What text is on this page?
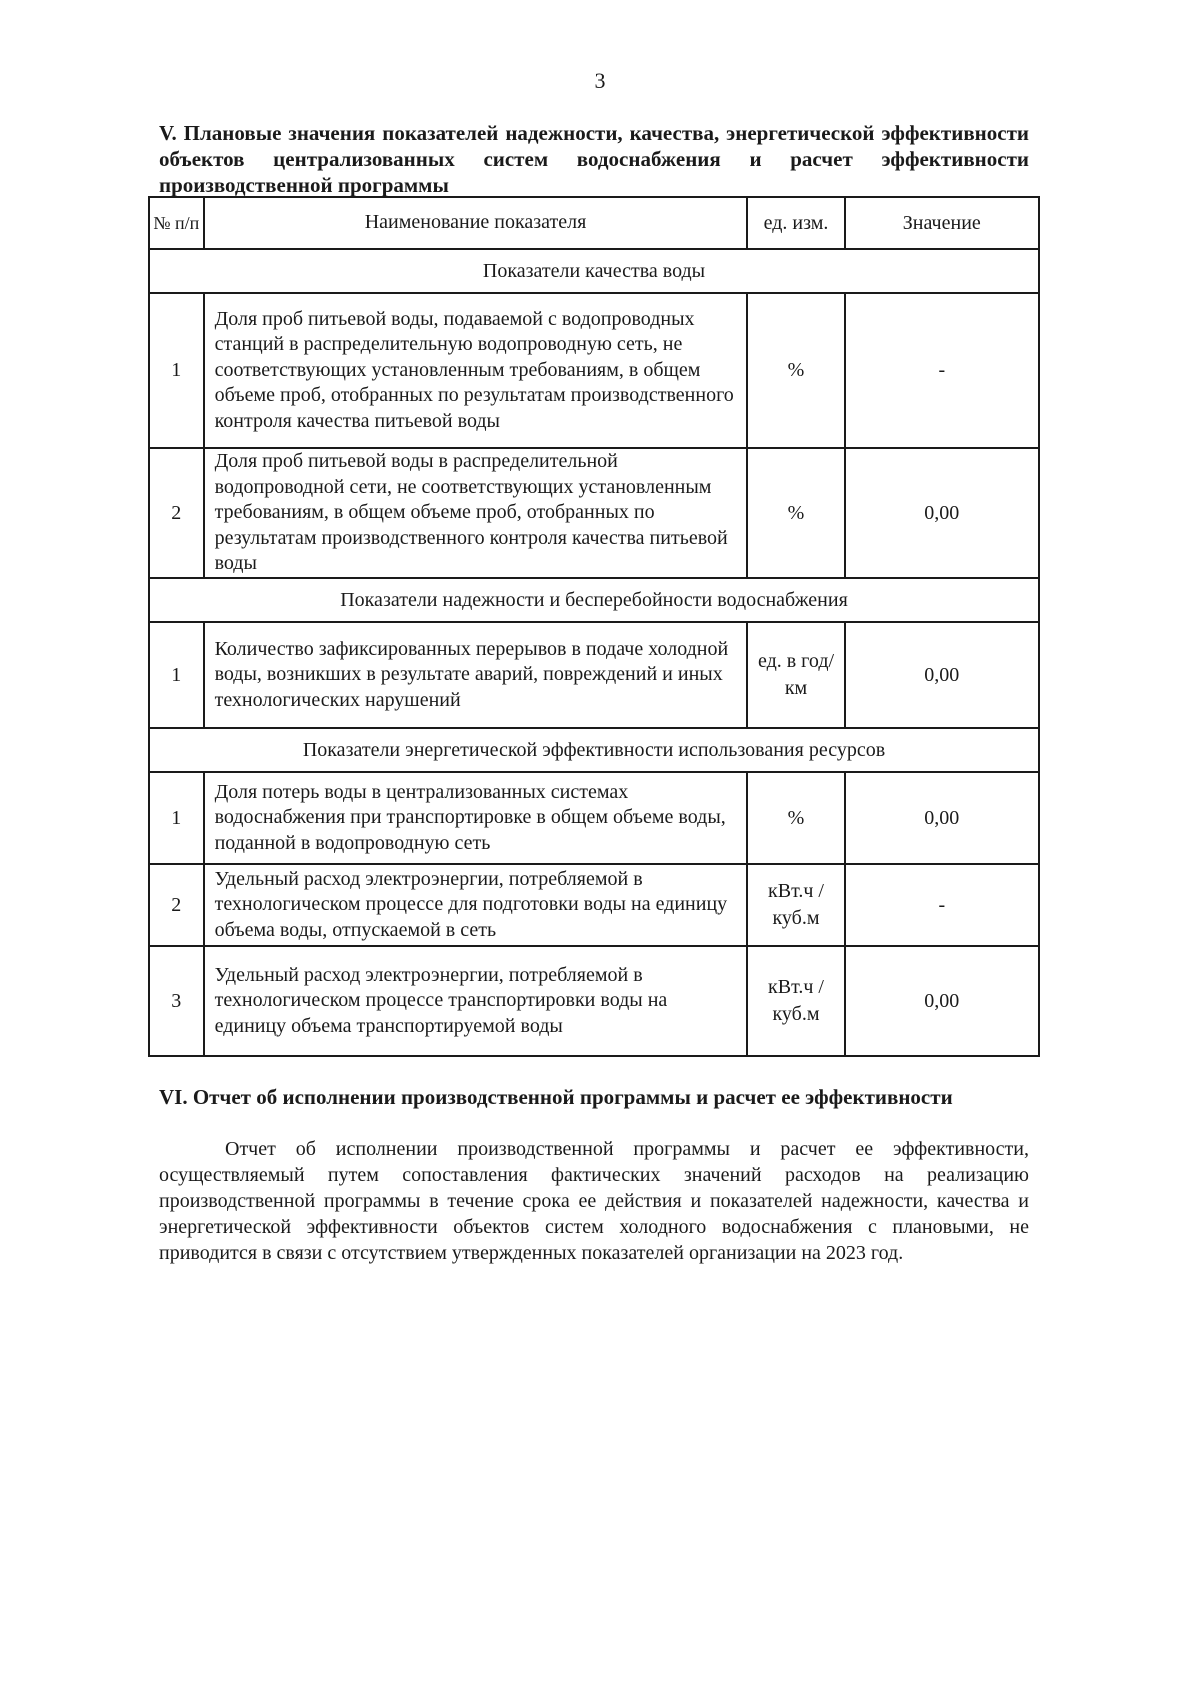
3
V. Плановые значения показателей надежности, качества, энергетической эффективности объектов централизованных систем водоснабжения и расчет эффективности производственной программы
№ п/п	Наименование показателя	ед. изм.	Значение
Показатели качества воды			
1	Доля проб питьевой воды, подаваемой с водопроводных станций в распределительную водопроводную сеть, не соответствующих установленным требованиям, в общем объеме проб, отобранных по результатам производственного контроля качества питьевой воды	%	-
2	Доля проб питьевой воды в распределительной водопроводной сети, не соответствующих установленным требованиям, в общем объеме проб, отобранных по результатам производственного контроля качества питьевой воды	%	0,00
Показатели надежности и бесперебойности водоснабжения			
1	Количество зафиксированных перерывов в подаче холодной воды, возникших в результате аварий, повреждений и иных технологических нарушений	ед. в год/ км	0,00
Показатели энергетической эффективности использования ресурсов			
1	Доля потерь воды в централизованных системах водоснабжения при транспортировке в общем объеме воды, поданной в водопроводную сеть	%	0,00
2	Удельный расход электроэнергии, потребляемой в технологическом процессе для подготовки воды на единицу объема воды, отпускаемой в сеть	кВт.ч / куб.м	-
3	Удельный расход электроэнергии, потребляемой в технологическом процессе транспортировки воды на единицу объема транспортируемой воды	кВт.ч / куб.м	0,00
VI. Отчет об исполнении производственной программы и расчет ее эффективности
Отчет об исполнении производственной программы и расчет ее эффективности, осуществляемый путем сопоставления фактических значений расходов на реализацию производственной программы в течение срока ее действия и показателей надежности, качества и энергетической эффективности объектов систем холодного водоснабжения с плановыми, не приводится в связи с отсутствием утвержденных показателей организации на 2023 год.
